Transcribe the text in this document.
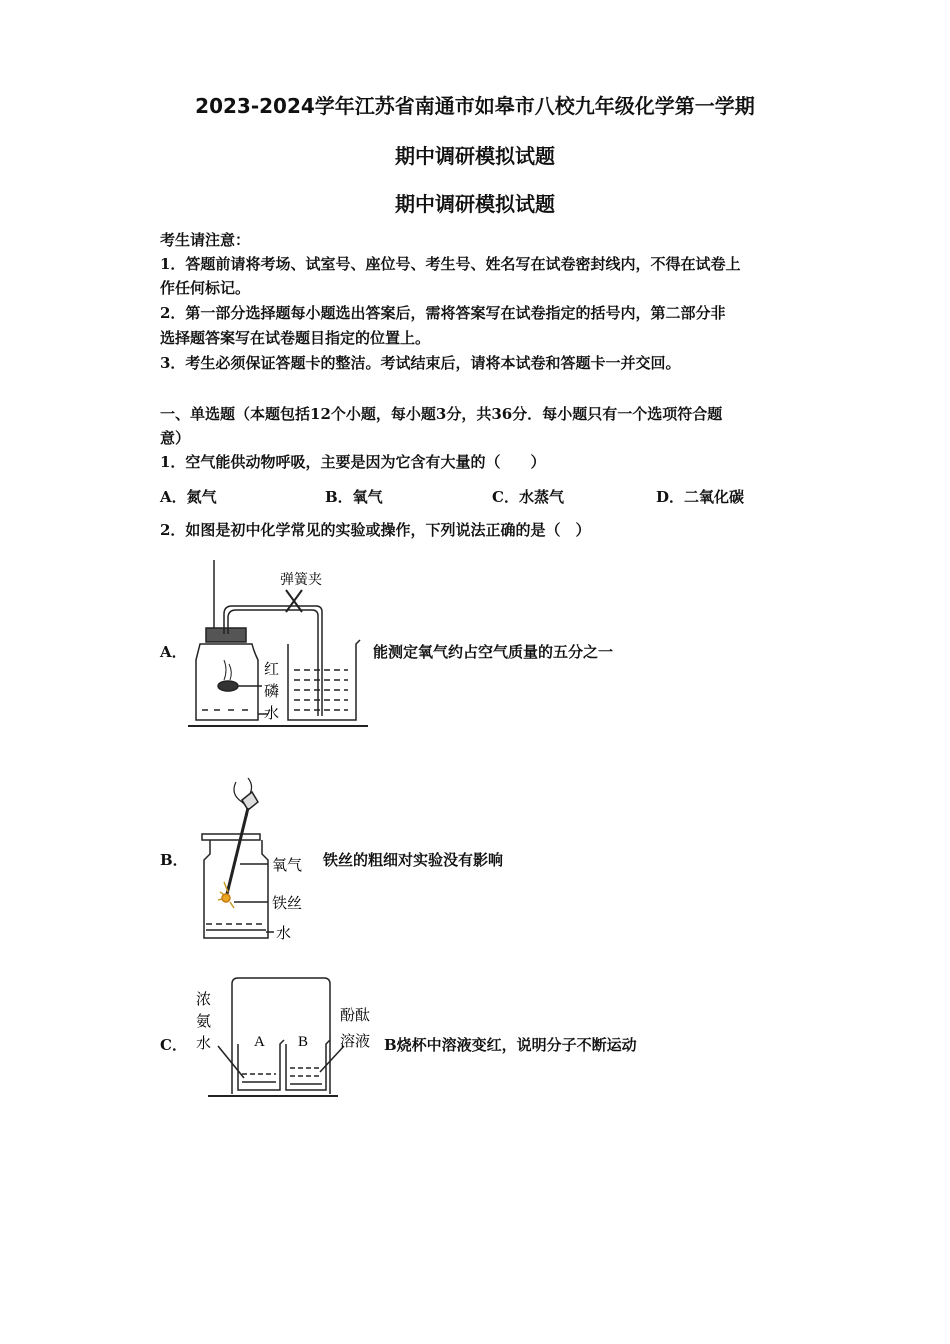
2023-2024学年江苏省南通市如皋市八校九年级化学第一学期
期中调研模拟试题
期中调研模拟试题
考生请注意：
1．答题前请将考场、试室号、座位号、考生号、姓名写在试卷密封线内，不得在试卷上
作任何标记。
2．第一部分选择题每小题选出答案后，需将答案写在试卷指定的括号内，第二部分非
选择题答案写在试卷题目指定的位置上。
3．考生必须保证答题卡的整洁。考试结束后，请将本试卷和答题卡一并交回。
一、单选题（本题包括12个小题，每小题3分，共36分．每小题只有一个选项符合题
意）
1．空气能供动物呼吸，主要是因为它含有大量的（　　）
A．氮气	B．氧气	C．水蒸气	D．二氧化碳
2．如图是初中化学常见的实验或操作，下列说法正确的是（　）
A．
弹簧夹
红
磷
水
能测定氧气约占空气质量的五分之一
B．	氧气
铁丝
水
铁丝的粗细对实验没有影响
C．
浓
氨
水
酚酞
溶液
A B	B烧杯中溶液变红，说明分子不断运动
